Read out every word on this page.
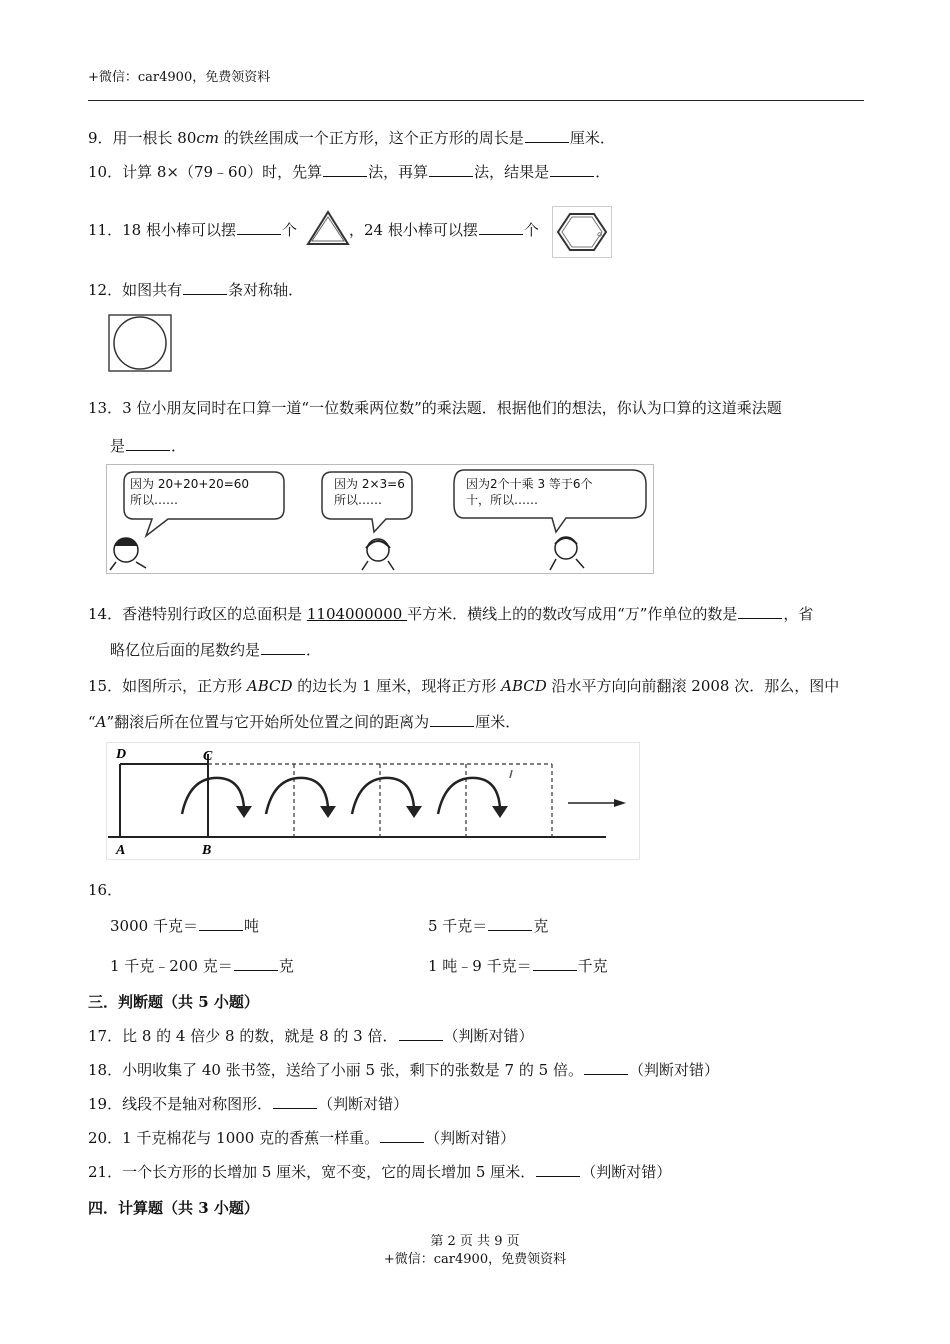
+微信：car4900，免费领资料
9．用一根长 80cm 的铁丝围成一个正方形，这个正方形的周长是	厘米．
10．计算 8×（79﹣60）时，先算	法，再算	法，结果是	．
11．18 根小棒可以摆	个	，24 根小棒可以摆	个	。
12．如图共有	条对称轴．
13．3 位小朋友同时在口算一道“一位数乘两位数”的乘法题．根据他们的想法，你认为口算的这道乘法题
是	．
因为 20+20+20=60
所以……
因为 2×3=6
所以……
因为2个十乘 3 等于6个
十，所以……
14．香港特别行政区的总面积是 1104000000 平方米．横线上的的数改写成用“万”作单位的数是	，省
略亿位后面的尾数约是	．
15．如图所示，正方形 ABCD 的边长为 1 厘米，现将正方形 ABCD 沿水平方向向前翻滚 2008 次．那么，图中
“A”翻滚后所在位置与它开始所处位置之间的距离为	厘米．
D	C
A	B
16．
3000 千克＝	吨	5 千克＝	克
1 千克﹣200 克＝	克	1 吨﹣9 千克＝	千克
三．判断题（共 5 小题）
17．比 8 的 4 倍少 8 的数，就是 8 的 3 倍．	（判断对错）
18．小明收集了 40 张书签，送给了小丽 5 张，剩下的张数是 7 的 5 倍。	（判断对错）
19．线段不是轴对称图形．	（判断对错）
20．1 千克棉花与 1000 克的香蕉一样重。	（判断对错）
21．一个长方形的长增加 5 厘米，宽不变，它的周长增加 5 厘米．	（判断对错）
四．计算题（共 3 小题）
第 2 页 共 9 页
+微信：car4900，免费领资料
